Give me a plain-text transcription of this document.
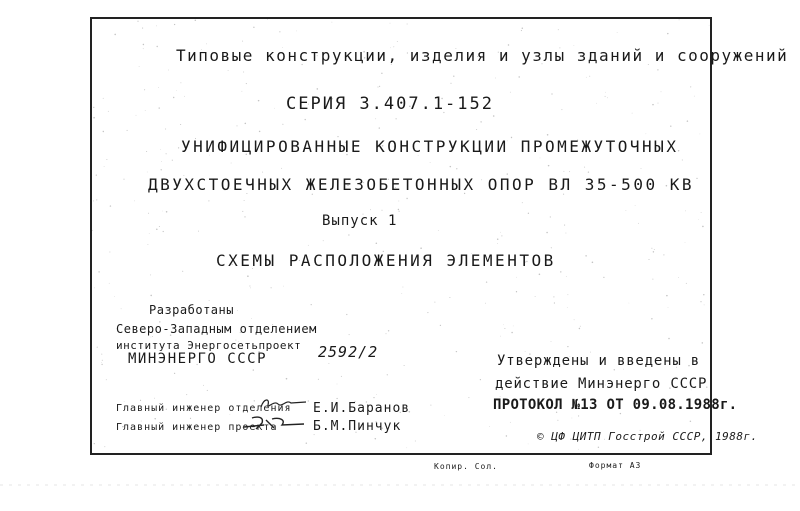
Типовые конструкции, изделия и узлы зданий и сооружений
СЕРИЯ 3.407.1-152
УНИФИЦИРОВАННЫЕ КОНСТРУКЦИИ ПРОМЕЖУТОЧНЫХ
ДВУХСТОЕЧНЫХ ЖЕЛЕЗОБЕТОННЫХ ОПОР ВЛ 35-500 КВ
Выпуск 1
СХЕМЫ РАСПОЛОЖЕНИЯ ЭЛЕМЕНТОВ
Разработаны
Северо-Западным отделением
института Энергосетьпроект
МИНЭНЕРГО СССР	2592/2	Утверждены и введены в
действие Минэнерго СССР
ПРОТОКОЛ №13 ОТ 09.08.1988г.
Главный инженер отделения Е.И.Баранов
Главный инженер проекта	Б.М.Пинчук
© ЦФ ЦИТП Госстрой СССР, 1988г.
Копир. Сол.	Формат А3
